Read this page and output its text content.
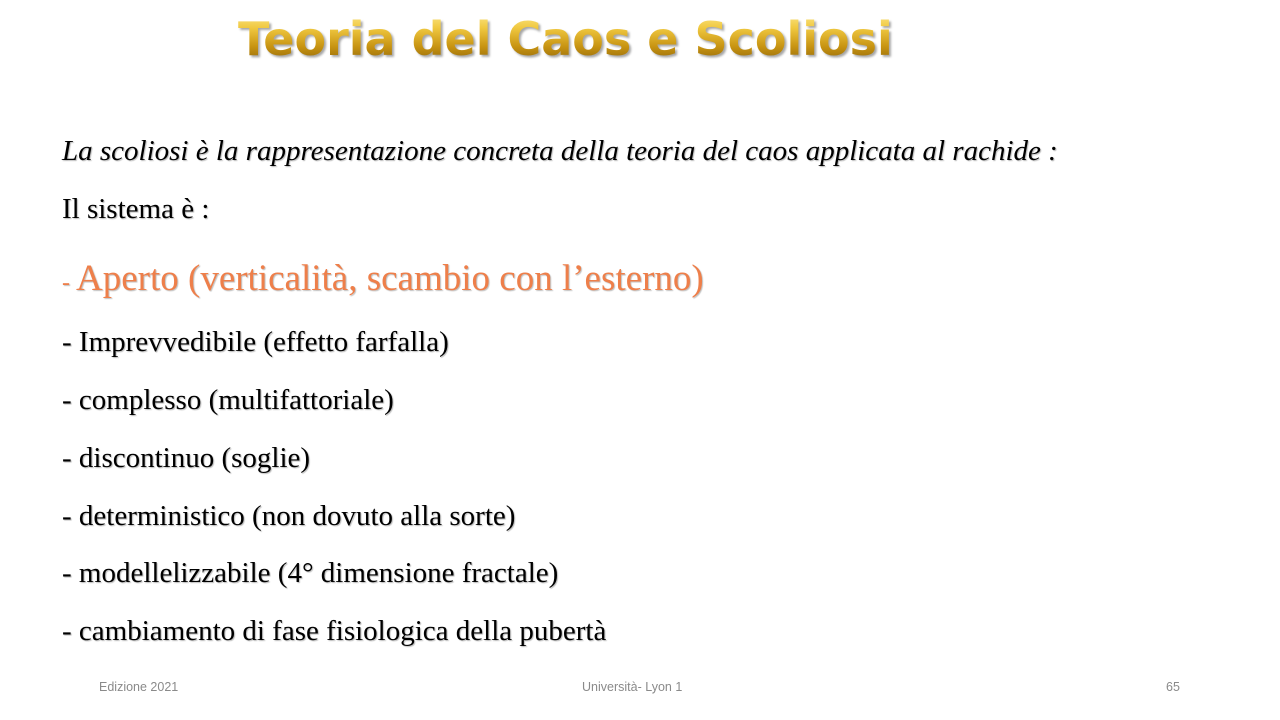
Teoria del Caos e Scoliosi
La scoliosi è la rappresentazione concreta della teoria del caos applicata al rachide :
Il sistema è :
- Aperto (verticalità, scambio con l’esterno)
- Imprevvedibile (effetto farfalla)
- complesso (multifattoriale)
- discontinuo (soglie)
- deterministico (non dovuto alla sorte)
- modellelizzabile (4° dimensione fractale)
- cambiamento di fase fisiologica della pubertà
Edizione 2021	Università- Lyon 1	65
